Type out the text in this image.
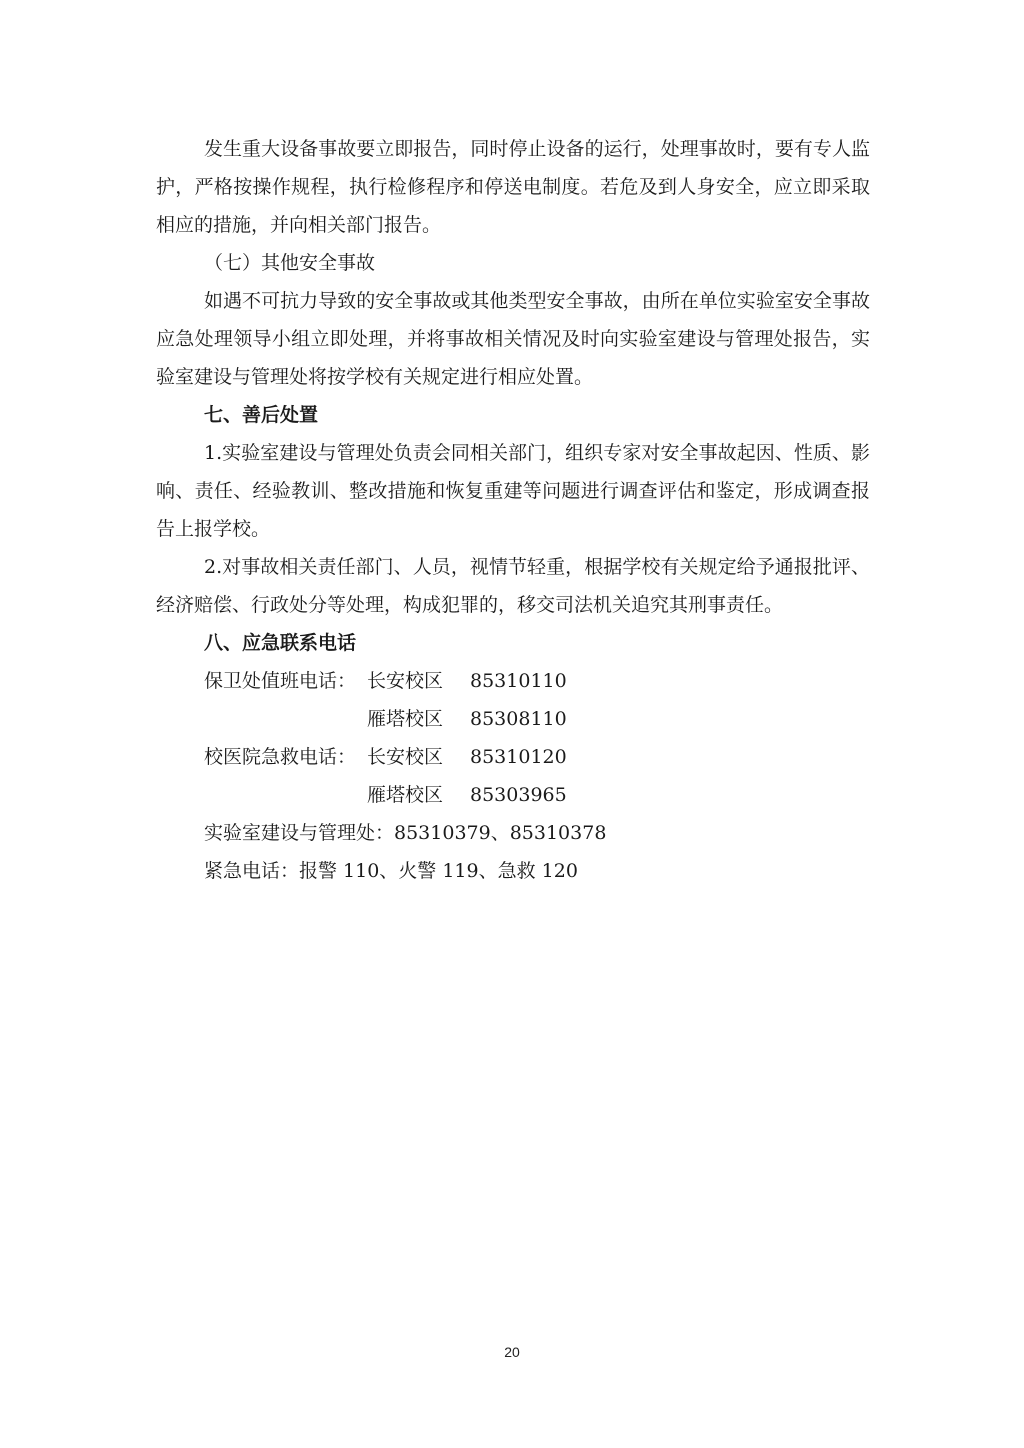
发生重大设备事故要立即报告，同时停止设备的运行，处理事故时，要有专人监护，严格按操作规程，执行检修程序和停送电制度。若危及到人身安全，应立即采取相应的措施，并向相关部门报告。

（七）其他安全事故

如遇不可抗力导致的安全事故或其他类型安全事故，由所在单位实验室安全事故应急处理领导小组立即处理，并将事故相关情况及时向实验室建设与管理处报告，实验室建设与管理处将按学校有关规定进行相应处置。

七、善后处置

1.实验室建设与管理处负责会同相关部门，组织专家对安全事故起因、性质、影响、责任、经验教训、整改措施和恢复重建等问题进行调查评估和鉴定，形成调查报告上报学校。

2.对事故相关责任部门、人员，视情节轻重，根据学校有关规定给予通报批评、经济赔偿、行政处分等处理，构成犯罪的，移交司法机关追究其刑事责任。

八、应急联系电话

保卫处值班电话： 长安校区 85310110
雁塔校区 85308110
校医院急救电话： 长安校区 85310120
雁塔校区 85303965

实验室建设与管理处：85310379、85310378

紧急电话：报警 110、火警 119、急救 120

20
